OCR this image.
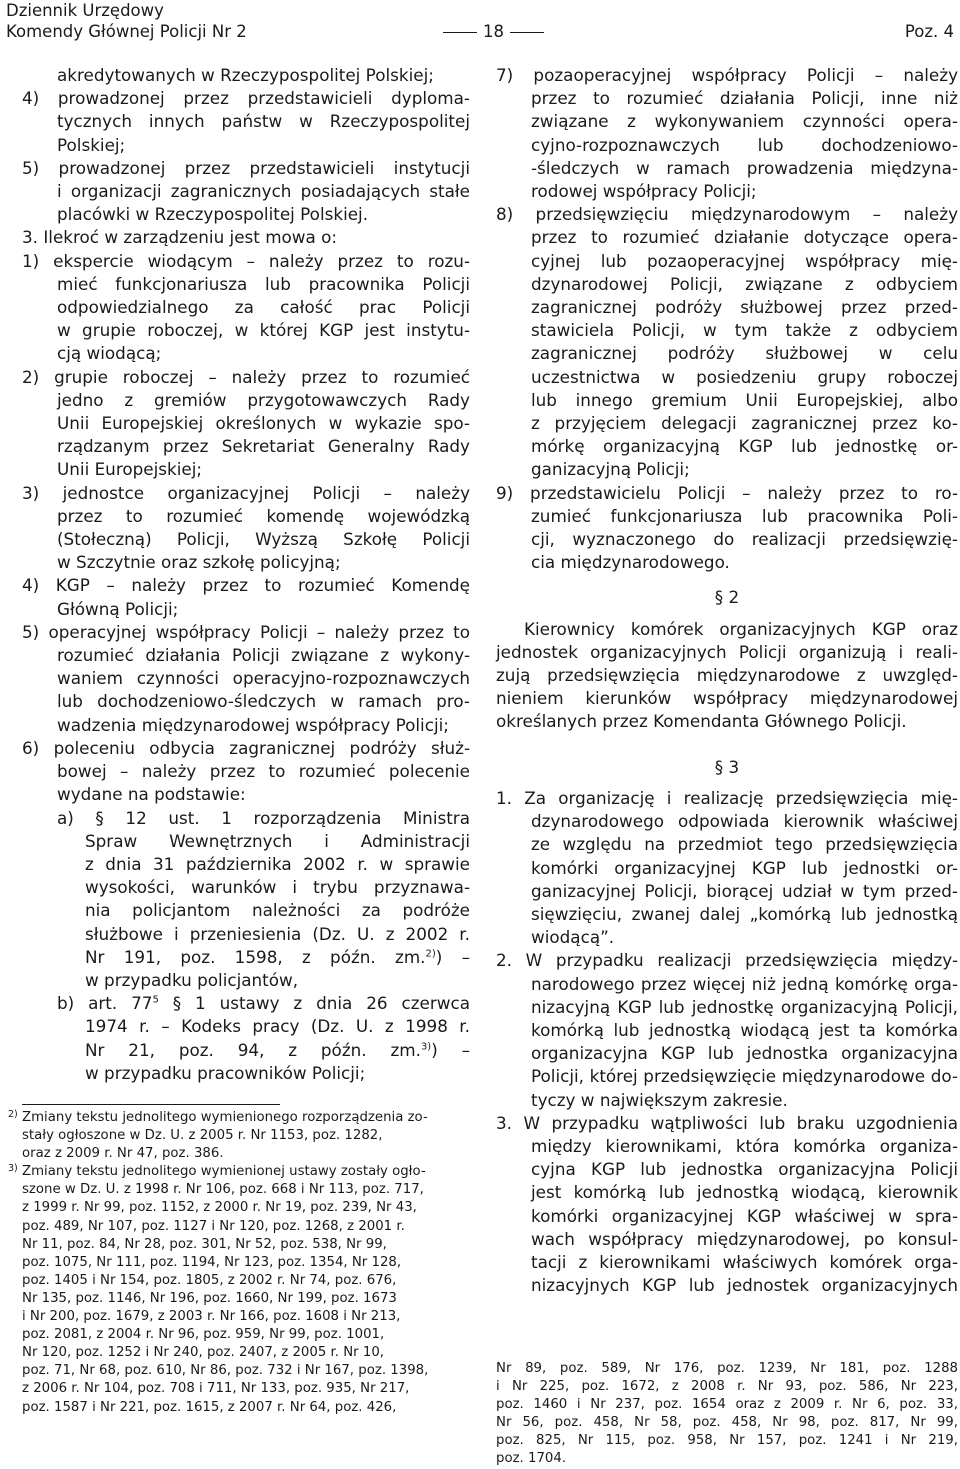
Dziennik Urzędowy
Komendy Głównej Policji Nr 2	18	Poz. 4
akredytowanych w Rzeczypospolitej Polskiej;
4) prowadzonej przez przedstawicieli dyploma-
tycznych innych państw w Rzeczypospolitej
Polskiej;
5) prowadzonej przez przedstawicieli instytucji
i organizacji zagranicznych posiadających stałe
placówki w Rzeczypospolitej Polskiej.
3. Ilekroć w zarządzeniu jest mowa o:
1) ekspercie wiodącym – należy przez to rozu-
mieć funkcjonariusza lub pracownika Policji
odpowiedzialnego za całość prac Policji
w grupie roboczej, w której KGP jest instytu-
cją wiodącą;
2) grupie roboczej – należy przez to rozumieć
jedno z gremiów przygotowawczych Rady
Unii Europejskiej określonych w wykazie spo-
rządzanym przez Sekretariat Generalny Rady
Unii Europejskiej;
3) jednostce organizacyjnej Policji – należy
przez to rozumieć komendę wojewódzką
(Stołeczną) Policji, Wyższą Szkołę Policji
w Szczytnie oraz szkołę policyjną;
4) KGP – należy przez to rozumieć Komendę
Główną Policji;
5) operacyjnej współpracy Policji – należy przez to
rozumieć działania Policji związane z wykony-
waniem czynności operacyjno-rozpoznawczych
lub dochodzeniowo-śledczych w ramach pro-
wadzenia międzynarodowej współpracy Policji;
6) poleceniu odbycia zagranicznej podróży służ-
bowej – należy przez to rozumieć polecenie
wydane na podstawie:
a) § 12 ust. 1 rozporządzenia Ministra
Spraw Wewnętrznych i Administracji
z dnia 31 października 2002 r. w sprawie
wysokości, warunków i trybu przyznawa-
nia policjantom należności za podróże
służbowe i przeniesienia (Dz. U. z 2002 r.
Nr 191, poz. 1598, z późn. zm.$^{2)}$) –
w przypadku policjantów,
b) art. $77^5$ § 1 ustawy z dnia 26 czerwca
1974 r. – Kodeks pracy (Dz. U. z 1998 r.
Nr 21, poz. 94, z późn. zm.$^{3)}$) –
w przypadku pracowników Policji;
2) Zmiany tekstu jednolitego wymienionego rozporządzenia zo-
stały ogłoszone w Dz. U. z 2005 r. Nr 1153, poz. 1282,
oraz z 2009 r. Nr 47, poz. 386.
3) Zmiany tekstu jednolitego wymienionej ustawy zostały ogło-
szone w Dz. U. z 1998 r. Nr 106, poz. 668 i Nr 113, poz. 717,
z 1999 r. Nr 99, poz. 1152, z 2000 r. Nr 19, poz. 239, Nr 43,
poz. 489, Nr 107, poz. 1127 i Nr 120, poz. 1268, z 2001 r.
Nr 11, poz. 84, Nr 28, poz. 301, Nr 52, poz. 538, Nr 99,
poz. 1075, Nr 111, poz. 1194, Nr 123, poz. 1354, Nr 128,
poz. 1405 i Nr 154, poz. 1805, z 2002 r. Nr 74, poz. 676,
Nr 135, poz. 1146, Nr 196, poz. 1660, Nr 199, poz. 1673
i Nr 200, poz. 1679, z 2003 r. Nr 166, poz. 1608 i Nr 213,
poz. 2081, z 2004 r. Nr 96, poz. 959, Nr 99, poz. 1001,
Nr 120, poz. 1252 i Nr 240, poz. 2407, z 2005 r. Nr 10,
poz. 71, Nr 68, poz. 610, Nr 86, poz. 732 i Nr 167, poz. 1398,
z 2006 r. Nr 104, poz. 708 i 711, Nr 133, poz. 935, Nr 217,
poz. 1587 i Nr 221, poz. 1615, z 2007 r. Nr 64, poz. 426,
7) pozaoperacyjnej współpracy Policji – należy
przez to rozumieć działania Policji, inne niż
związane z wykonywaniem czynności opera-
cyjno-rozpoznawczych lub dochodzeniowo-
-śledczych w ramach prowadzenia międzyna-
rodowej współpracy Policji;
8) przedsięwzięciu międzynarodowym – należy
przez to rozumieć działanie dotyczące opera-
cyjnej lub pozaoperacyjnej współpracy mię-
dzynarodowej Policji, związane z odbyciem
zagranicznej podróży służbowej przez przed-
stawiciela Policji, w tym także z odbyciem
zagranicznej podróży służbowej w celu
uczestnictwa w posiedzeniu grupy roboczej
lub innego gremium Unii Europejskiej, albo
z przyjęciem delegacji zagranicznej przez ko-
mórkę organizacyjną KGP lub jednostkę or-
ganizacyjną Policji;
9) przedstawicielu Policji – należy przez to ro-
zumieć funkcjonariusza lub pracownika Poli-
cji, wyznaczonego do realizacji przedsięwzię-
cia międzynarodowego.
§ 2
Kierownicy komórek organizacyjnych KGP oraz
jednostek organizacyjnych Policji organizują i reali-
zują przedsięwzięcia międzynarodowe z uwzględ-
nieniem kierunków współpracy międzynarodowej
określanych przez Komendanta Głównego Policji.
§ 3
1. Za organizację i realizację przedsięwzięcia mię-
dzynarodowego odpowiada kierownik właściwej
ze względu na przedmiot tego przedsięwzięcia
komórki organizacyjnej KGP lub jednostki or-
ganizacyjnej Policji, biorącej udział w tym przed-
sięwzięciu, zwanej dalej „komórką lub jednostką
wiodącą”.
2. W przypadku realizacji przedsięwzięcia między-
narodowego przez więcej niż jedną komórkę orga-
nizacyjną KGP lub jednostkę organizacyjną Policji,
komórką lub jednostką wiodącą jest ta komórka
organizacyjna KGP lub jednostka organizacyjna
Policji, której przedsięwzięcie międzynarodowe do-
tyczy w największym zakresie.
3. W przypadku wątpliwości lub braku uzgodnienia
między kierownikami, która komórka organiza-
cyjna KGP lub jednostka organizacyjna Policji
jest komórką lub jednostką wiodącą, kierownik
komórki organizacyjnej KGP właściwej w spra-
wach współpracy międzynarodowej, po konsul-
tacji z kierownikami właściwych komórek orga-
nizacyjnych KGP lub jednostek organizacyjnych
Nr 89, poz. 589, Nr 176, poz. 1239, Nr 181, poz. 1288
i Nr 225, poz. 1672, z 2008 r. Nr 93, poz. 586, Nr 223,
poz. 1460 i Nr 237, poz. 1654 oraz z 2009 r. Nr 6, poz. 33,
Nr 56, poz. 458, Nr 58, poz. 458, Nr 98, poz. 817, Nr 99,
poz. 825, Nr 115, poz. 958, Nr 157, poz. 1241 i Nr 219,
poz. 1704.
